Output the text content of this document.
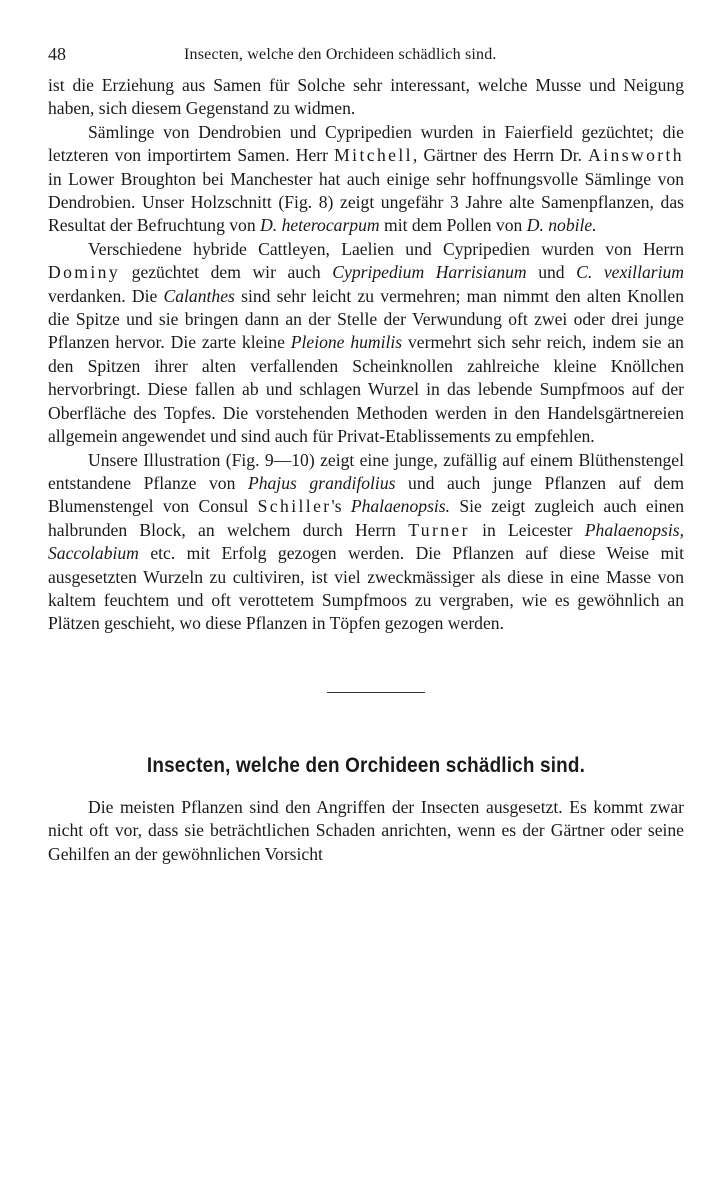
48	Insecten, welche den Orchideen schädlich sind.

ist die Erziehung aus Samen für Solche sehr interessant, welche Musse und Neigung haben, sich diesem Gegenstand zu widmen.

Sämlinge von Dendrobien und Cypripedien wurden in Faierfield gezüchtet; die letzteren von importirtem Samen. Herr Mitchell, Gärtner des Herrn Dr. Ainsworth in Lower Broughton bei Manchester hat auch einige sehr hoffnungsvolle Sämlinge von Dendrobien. Unser Holzschnitt (Fig. 8) zeigt ungefähr 3 Jahre alte Samenpflanzen, das Resultat der Befruchtung von D. heterocarpum mit dem Pollen von D. nobile.

Verschiedene hybride Cattleyen, Laelien und Cypripedien wurden von Herrn Dominy gezüchtet dem wir auch Cypripedium Harrisianum und C. vexillarium verdanken. Die Calanthes sind sehr leicht zu vermehren; man nimmt den alten Knollen die Spitze und sie bringen dann an der Stelle der Verwundung oft zwei oder drei junge Pflanzen hervor. Die zarte kleine Pleione humilis vermehrt sich sehr reich, indem sie an den Spitzen ihrer alten verfallenden Scheinknollen zahlreiche kleine Knöllchen hervorbringt. Diese fallen ab und schlagen Wurzel in das lebende Sumpfmoos auf der Oberfläche des Topfes. Die vorstehenden Methoden werden in den Handelsgärtnereien allgemein angewendet und sind auch für Privat-Etablissements zu empfehlen.

Unsere Illustration (Fig. 9—10) zeigt eine junge, zufällig auf einem Blüthenstengel entstandene Pflanze von Phajus grandifolius und auch junge Pflanzen auf dem Blumenstengel von Consul Schiller's Phalaenopsis. Sie zeigt zugleich auch einen halbrunden Block, an welchem durch Herrn Turner in Leicester Phalaenopsis, Saccolabium etc. mit Erfolg gezogen werden. Die Pflanzen auf diese Weise mit ausgesetzten Wurzeln zu cultiviren, ist viel zweckmässiger als diese in eine Masse von kaltem feuchtem und oft verottetem Sumpfmoos zu vergraben, wie es gewöhnlich an Plätzen geschieht, wo diese Pflanzen in Töpfen gezogen werden.

Insecten, welche den Orchideen schädlich sind.

Die meisten Pflanzen sind den Angriffen der Insecten ausgesetzt. Es kommt zwar nicht oft vor, dass sie beträchtlichen Schaden anrichten, wenn es der Gärtner oder seine Gehilfen an der gewöhnlichen Vorsicht
